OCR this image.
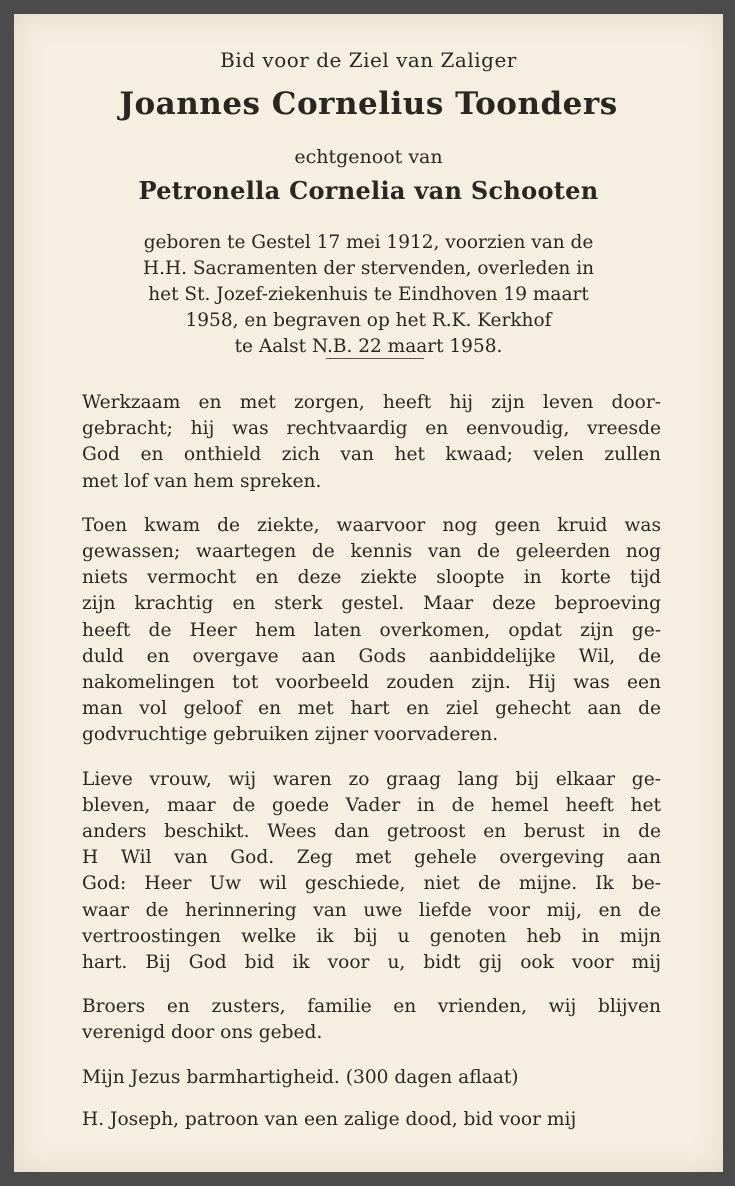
Bid voor de Ziel van Zaliger
Joannes Cornelius Toonders
echtgenoot van
Petronella Cornelia van Schooten
geboren te Gestel 17 mei 1912, voorzien van de
H.H. Sacramenten der stervenden, overleden in
het St. Jozef-ziekenhuis te Eindhoven 19 maart
1958, en begraven op het R.K. Kerkhof
te Aalst N.B. 22 maart 1958.
Werkzaam en met zorgen, heeft hij zijn leven door-
gebracht; hij was rechtvaardig en eenvoudig, vreesde
God en onthield zich van het kwaad; velen zullen
met lof van hem spreken.
Toen kwam de ziekte, waarvoor nog geen kruid was
gewassen; waartegen de kennis van de geleerden nog
niets vermocht en deze ziekte sloopte in korte tijd
zijn krachtig en sterk gestel. Maar deze beproeving
heeft de Heer hem laten overkomen, opdat zijn ge-
duld en overgave aan Gods aanbiddelijke Wil, de
nakomelingen tot voorbeeld zouden zijn. Hij was een
man vol geloof en met hart en ziel gehecht aan de
godvruchtige gebruiken zijner voorvaderen.
Lieve vrouw, wij waren zo graag lang bij elkaar ge-
bleven, maar de goede Vader in de hemel heeft het
anders beschikt. Wees dan getroost en berust in de
H Wil van God. Zeg met gehele overgeving aan
God: Heer Uw wil geschiede, niet de mijne. Ik be-
waar de herinnering van uwe liefde voor mij, en de
vertroostingen welke ik bij u genoten heb in mijn
hart. Bij God bid ik voor u, bidt gij ook voor mij
Broers en zusters, familie en vrienden, wij blijven
verenigd door ons gebed.
Mijn Jezus barmhartigheid. (300 dagen aflaat)
H. Joseph, patroon van een zalige dood, bid voor mij
